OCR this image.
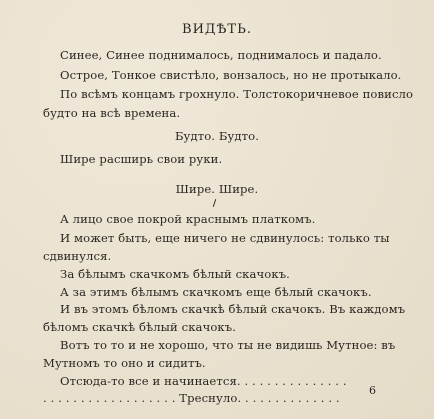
ВИДѢТЬ.
Синее, Синее поднималось, поднималось и падало.
Острое, Тонкое свистѣло, вонзалось, но не протыкало.
По всѣмъ концамъ грохнуло. Толстокоричневое повисло
будто на всѣ времена.
Будто. Будто.
Шире расширь свои руки.
Шире. Шире.
А лицо свое покрой краснымъ платкомъ.
И может быть, еще ничего не сдвинулось: только ты
сдвинулся.
За бѣлымъ скачкомъ бѣлый скачокъ.
А за этимъ бѣлымъ скачкомъ еще бѣлый скачокъ.
И въ этомъ бѣломъ скачкѣ бѣлый скачокъ. Въ каждомъ
бѣломъ скачкѣ бѣлый скачокъ.
Вотъ то то и не хорошо, что ты не видишь Мутное: въ
Мутномъ то оно и сидитъ.
Отсюда-то все и начинается. . . . . . . . . . . . . . .
. . . . . . . . . . . . . . . . . . Треснуло. . . . . . . . . . . . . .
6
